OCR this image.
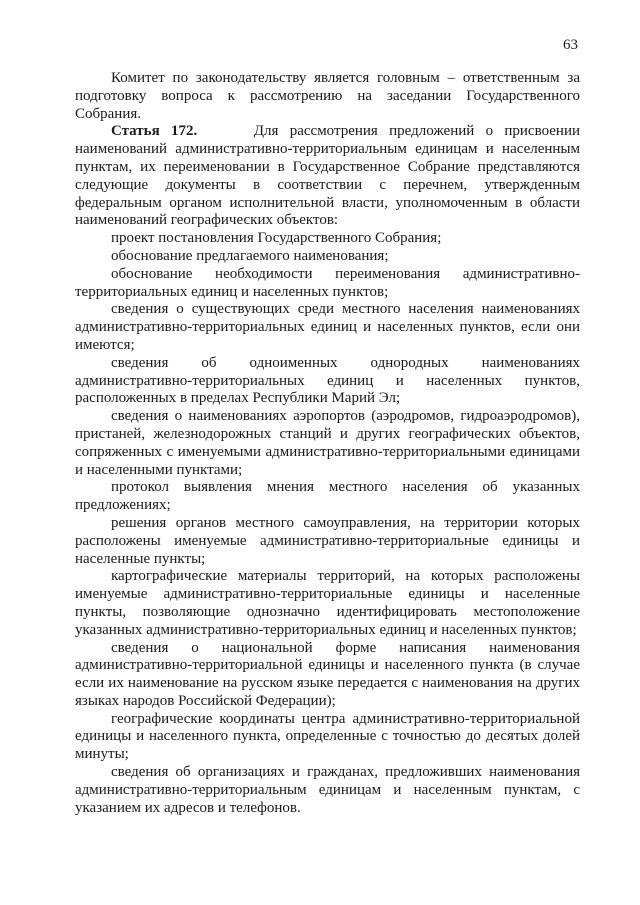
63

Комитет по законодательству является головным – ответственным за подготовку вопроса к рассмотрению на заседании Государственного Собрания.

Статья 172.	Для рассмотрения предложений о присвоении наименований административно-территориальным единицам и населенным пунктам, их переименовании в Государственное Собрание представляются следующие документы в соответствии с перечнем, утвержденным федеральным органом исполнительной власти, уполномоченным в области наименований географических объектов:

проект постановления Государственного Собрания;

обоснование предлагаемого наименования;

обоснование необходимости переименования административно-территориальных единиц и населенных пунктов;

сведения о существующих среди местного населения наименованиях административно-территориальных единиц и населенных пунктов, если они имеются;

сведения об одноименных однородных наименованиях административно-территориальных единиц и населенных пунктов, расположенных в пределах Республики Марий Эл;

сведения о наименованиях аэропортов (аэродромов, гидроаэродромов), пристаней, железнодорожных станций и других географических объектов, сопряженных с именуемыми административно-территориальными единицами и населенными пунктами;

протокол выявления мнения местного населения об указанных предложениях;

решения органов местного самоуправления, на территории которых расположены именуемые административно-территориальные единицы и населенные пункты;

картографические материалы территорий, на которых расположены именуемые административно-территориальные единицы и населенные пункты, позволяющие однозначно идентифицировать местоположение указанных административно-территориальных единиц и населенных пунктов;

сведения о национальной форме написания наименования административно-территориальной единицы и населенного пункта (в случае если их наименование на русском языке передается с наименования на других языках народов Российской Федерации);

географические координаты центра административно-территориальной единицы и населенного пункта, определенные с точностью до десятых долей минуты;

сведения об организациях и гражданах, предложивших наименования административно-территориальным единицам и населенным пунктам, с указанием их адресов и телефонов.
